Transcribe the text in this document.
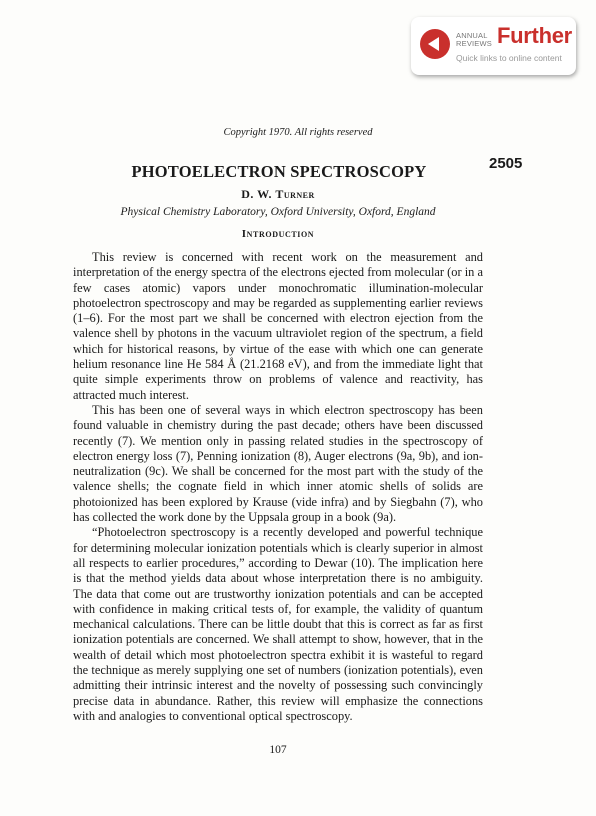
ANNUAL
REVIEWS Further
Quick links to online content
Copyright 1970. All rights reserved
PHOTOELECTRON SPECTROSCOPY	2505
D. W. Turner
Physical Chemistry Laboratory, Oxford University, Oxford, England
Introduction

This review is concerned with recent work on the measurement and interpretation of the energy spectra of the electrons ejected from molecular (or in a few cases atomic) vapors under monochromatic illumination-molecular photoelectron spectroscopy and may be regarded as supplementing earlier reviews (1–6). For the most part we shall be concerned with electron ejection from the valence shell by photons in the vacuum ultraviolet region of the spectrum, a field which for historical reasons, by virtue of the ease with which one can generate helium resonance line He 584 Å (21.2168 eV), and from the immediate light that quite simple experiments throw on problems of valence and reactivity, has attracted much interest.

This has been one of several ways in which electron spectroscopy has been found valuable in chemistry during the past decade; others have been discussed recently (7). We mention only in passing related studies in the spectroscopy of electron energy loss (7), Penning ionization (8), Auger electrons (9a, 9b), and ion-neutralization (9c). We shall be concerned for the most part with the study of the valence shells; the cognate field in which inner atomic shells of solids are photoionized has been explored by Krause (vide infra) and by Siegbahn (7), who has collected the work done by the Uppsala group in a book (9a).

“Photoelectron spectroscopy is a recently developed and powerful technique for determining molecular ionization potentials which is clearly superior in almost all respects to earlier procedures,” according to Dewar (10). The implication here is that the method yields data about whose interpretation there is no ambiguity. The data that come out are trustworthy ionization potentials and can be accepted with confidence in making critical tests of, for example, the validity of quantum mechanical calculations. There can be little doubt that this is correct as far as first ionization potentials are concerned. We shall attempt to show, however, that in the wealth of detail which most photoelectron spectra exhibit it is wasteful to regard the technique as merely supplying one set of numbers (ionization potentials), even admitting their intrinsic interest and the novelty of possessing such convincingly precise data in abundance. Rather, this review will emphasize the connections with and analogies to conventional optical spectroscopy.

107
